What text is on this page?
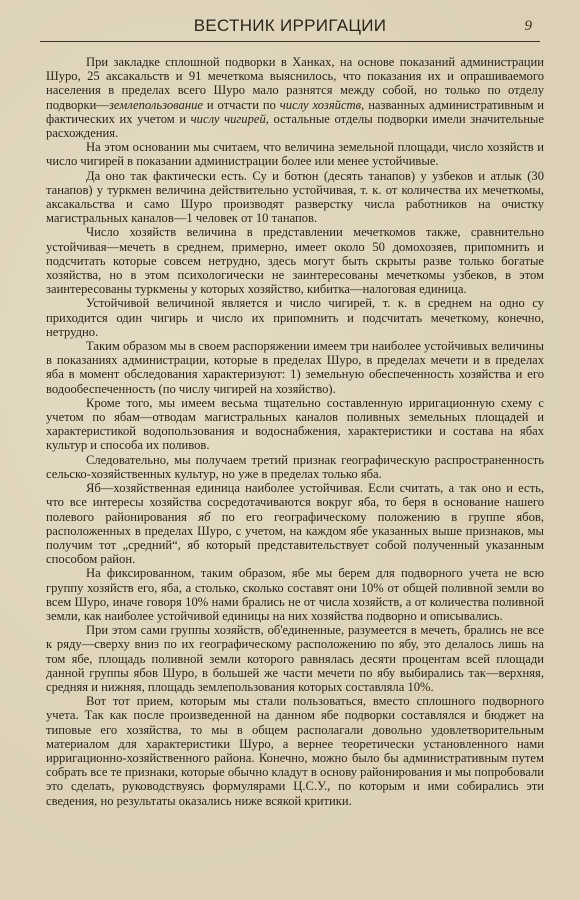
ВЕСТНИК ИРРИГАЦИИ	9

При закладке сплошной подворки в Ханках, на основе показаний администрации Шуро, 25 аксакальств и 91 мечеткома выяснилось, что показания их и опрашиваемого населения в пределах всего Шуро мало разнятся между собой, но только по отделу подворки—землепользование и отчасти по числу хозяйств, названных административным и фактических их учетом и числу чигирей, остальные отделы подворки имели значительные расхождения.

На этом основании мы считаем, что величина земельной площади, число хозяйств и число чигирей в показании администрации более или менее устойчивые.

Да оно так фактически есть. Су и ботюн (десять танапов) у узбеков и атлык (30 танапов) у туркмен величина действительно устойчивая, т. к. от количества их мечеткомы, аксакальства и само Шуро производят разверстку числа работников на очистку магистральных каналов—1 человек от 10 танапов.

Число хозяйств величина в представлении мечеткомов также, сравнительно устойчивая—мечеть в среднем, примерно, имеет около 50 домохозяев, припомнить и подсчитать которые совсем нетрудно, здесь могут быть скрыты разве только богатые хозяйства, но в этом психологически не заинтересованы мечеткомы узбеков, в этом заинтересованы туркмены у которых хозяйство, кибитка—налоговая единица.

Устойчивой величиной является и число чигирей, т. к. в среднем на одно су приходится один чигирь и число их припомнить и подсчитать мечеткому, конечно, нетрудно.

Таким образом мы в своем распоряжении имеем три наиболее устойчивых величины в показаниях администрации, которые в пределах Шуро, в пределах мечети и в пределах яба в момент обследования характеризуют: 1) земельную обеспеченность хозяйства и его водообеспеченность (по числу чигирей на хозяйство).

Кроме того, мы имеем весьма тщательно составленную ирригационную схему с учетом по ябам—отводам магистральных каналов поливных земельных площадей и характеристикой водопользования и водоснабжения, характеристики и состава на ябах культур и способа их поливов.

Следовательно, мы получаем третий признак географическую распространенность сельско-хозяйственных культур, но уже в пределах только яба.

Яб—хозяйственная единица наиболее устойчивая. Если считать, а так оно и есть, что все интересы хозяйства сосредотачиваются вокруг яба, то беря в основание нашего полевого районирования яб по его географическому положению в группе ябов, расположенных в пределах Шуро, с учетом, на каждом ябе указанных выше признаков, мы получим тот „средний“, яб который представительствует собой полученный указанным способом район.

На фиксированном, таким образом, ябе мы берем для подворного учета не всю группу хозяйств его, яба, а столько, сколько составят они 10% от общей поливной земли во всем Шуро, иначе говоря 10% нами брались не от числа хозяйств, а от количества поливной земли, как наиболее устойчивой единицы на них хозяйства подворно и описывались.

При этом сами группы хозяйств, об'единенные, разумеется в мечеть, брались не все к ряду—сверху вниз по их географическому расположению по ябу, это делалось лишь на том ябе, площадь поливной земли которого равнялась десяти процентам всей площади данной группы ябов Шуро, в большей же части мечети по ябу выбирались так—верхняя, средняя и нижняя, площадь землепользования которых составляла 10%.

Вот тот прием, которым мы стали пользоваться, вместо сплошного подворного учета. Так как после произведенной на данном ябе подворки составлялся и бюджет на типовые его хозяйства, то мы в общем располагали довольно удовлетворительным материалом для характеристики Шуро, а вернее теоретически установленного нами ирригационно-хозяйственного района. Конечно, можно было бы административным путем собрать все те признаки, которые обычно кладут в основу районирования и мы попробовали это сделать, руководствуясь формулярами Ц.С.У., по которым и ими собирались эти сведения, но результаты оказались ниже всякой критики.
